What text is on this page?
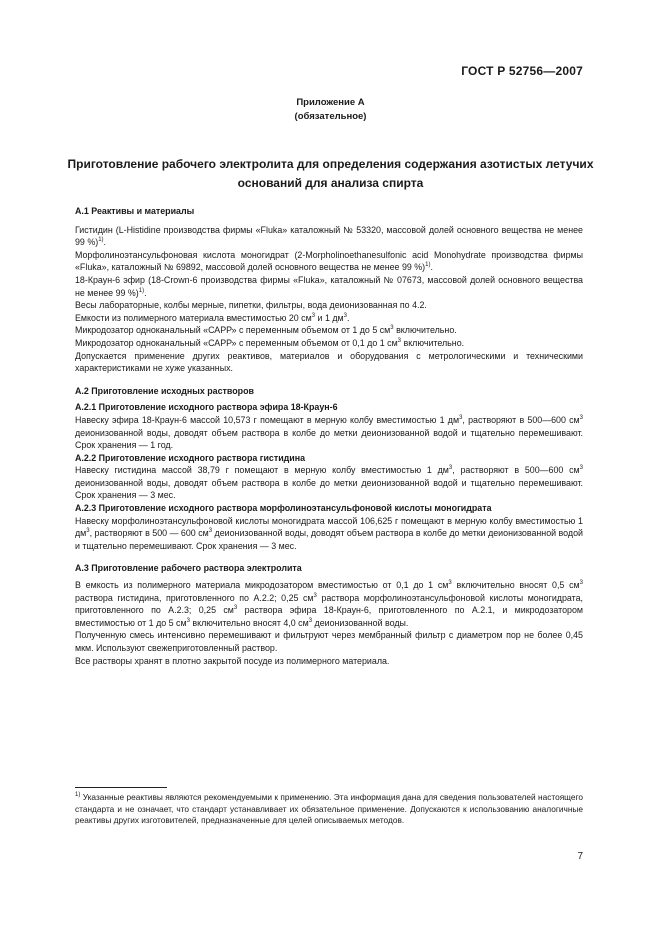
ГОСТ Р 52756—2007
Приложение А
(обязательное)
Приготовление рабочего электролита для определения содержания азотистых летучих
оснований для анализа спирта

А.1 Реактивы и материалы

Гистидин (L-Histidine производства фирмы «Fluka» каталожный № 53320, массовой долей основного вещества не менее 99 %)$^{1)}$.

Морфолиноэтансульфоновая кислота моногидрат (2-Morpholinoethanesulfonic acid Monohydrate производства фирмы «Fluka», каталожный № 69892, массовой долей основного вещества не менее 99 %)$^{1)}$.

18-Краун-6 эфир (18-Crown-6 производства фирмы «Fluka», каталожный № 07673, массовой долей основного вещества не менее 99 %)$^{1)}$.

Весы лабораторные, колбы мерные, пипетки, фильтры, вода деионизованная по 4.2.

Емкости из полимерного материала вместимостью 20 $см^3$ и 1 $дм^3$.

Микродозатор одноканальный «САРР» с переменным объемом от 1 до 5 $см^3$ включительно.

Микродозатор одноканальный «САРР» с переменным объемом от 0,1 до 1 $см^3$ включительно.

Допускается применение других реактивов, материалов и оборудования с метрологическими и техническими характеристиками не хуже указанных.

А.2 Приготовление исходных растворов

А.2.1 Приготовление исходного раствора эфира 18-Краун-6

Навеску эфира 18-Краун-6 массой 10,573 г помещают в мерную колбу вместимостью 1 $дм^3$, растворяют в 500—600 $см^3$ деионизованной воды, доводят объем раствора в колбе до метки деионизованной водой и тщательно перемешивают. Срок хранения — 1 год.

А.2.2 Приготовление исходного раствора гистидина

Навеску гистидина массой 38,79 г помещают в мерную колбу вместимостью 1 $дм^3$, растворяют в 500—600 $см^3$ деионизованной воды, доводят объем раствора в колбе до метки деионизованной водой и тщательно перемешивают. Срок хранения — 3 мес.

А.2.3 Приготовление исходного раствора морфолиноэтансульфоновой кислоты моногидрата

Навеску морфолиноэтансульфоновой кислоты моногидрата массой 106,625 г помещают в мерную колбу вместимостью 1 $дм^3$, растворяют в 500 — 600 $см^3$ деионизованной воды, доводят объем раствора в колбе до метки деионизованной водой и тщательно перемешивают. Срок хранения — 3 мес.

А.3 Приготовление рабочего раствора электролита

В емкость из полимерного материала микродозатором вместимостью от 0,1 до 1 $см^3$ включительно вносят 0,5 $см^3$ раствора гистидина, приготовленного по А.2.2; 0,25 $см^3$ раствора морфолиноэтансульфоновой кислоты моногидрата, приготовленного по А.2.3; 0,25 $см^3$ раствора эфира 18-Краун-6, приготовленного по А.2.1, и микродозатором вместимостью от 1 до 5 $см^3$ включительно вносят 4,0 $см^3$ деионизованной воды.

Полученную смесь интенсивно перемешивают и фильтруют через мембранный фильтр с диаметром пор не более 0,45 мкм. Используют свежеприготовленный раствор.

Все растворы хранят в плотно закрытой посуде из полимерного материала.

$^{1)}$ Указанные реактивы являются рекомендуемыми к применению. Эта информация дана для сведения пользователей настоящего стандарта и не означает, что стандарт устанавливает их обязательное применение. Допускаются к использованию аналогичные реактивы других изготовителей, предназначенные для целей описываемых методов.
7
